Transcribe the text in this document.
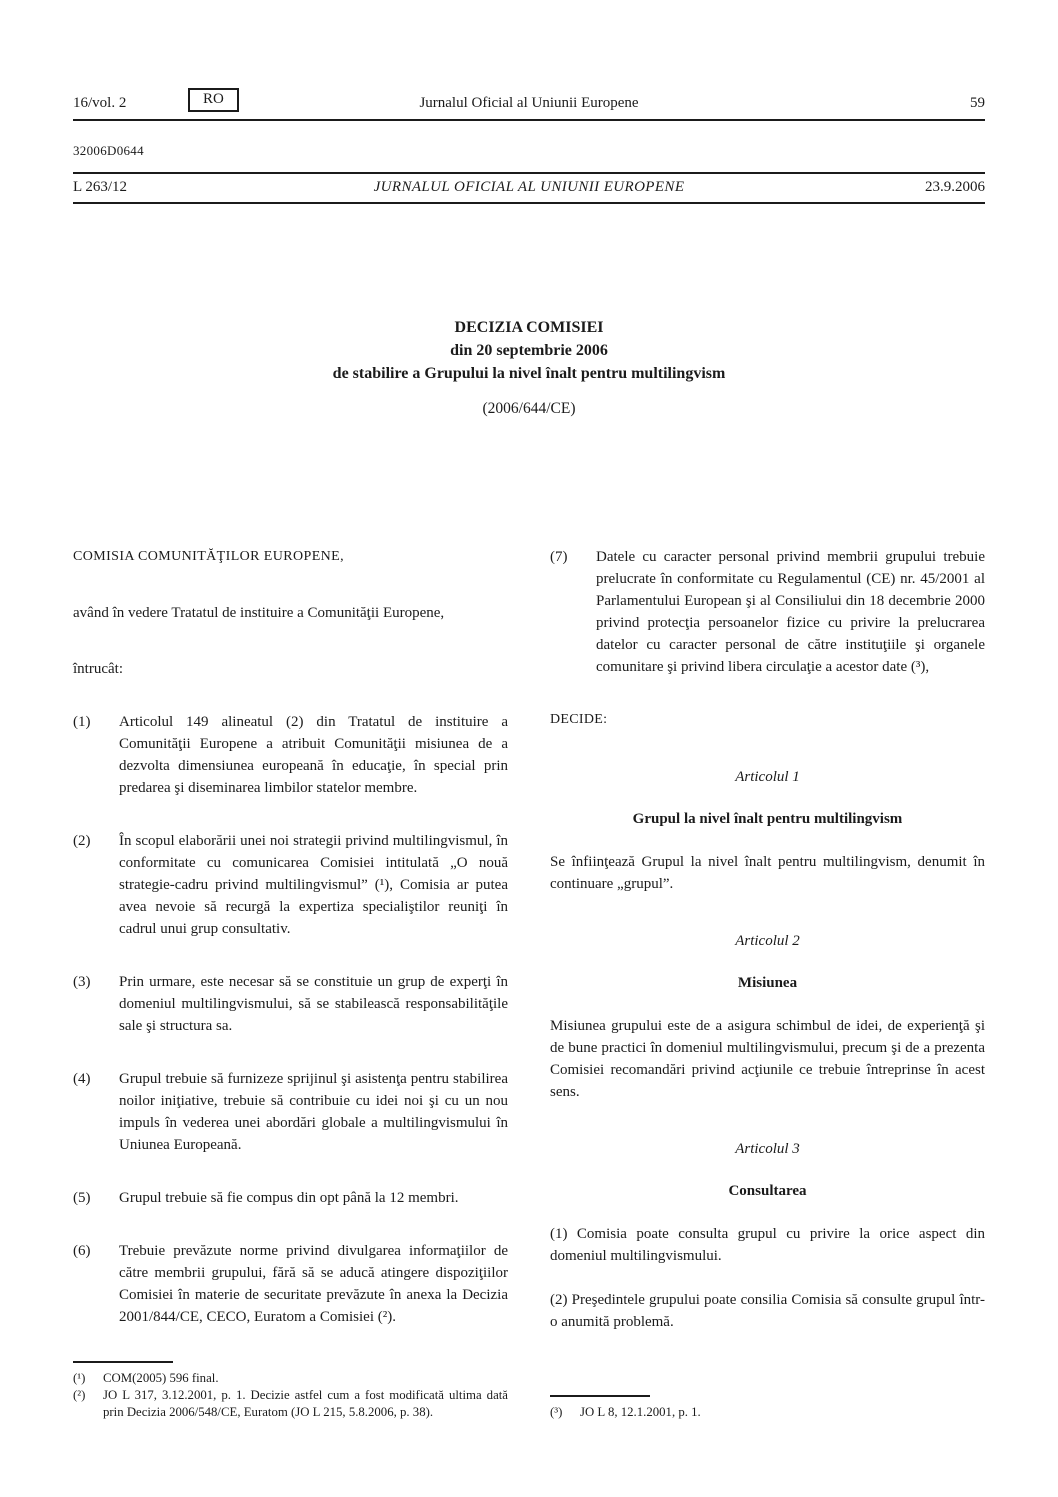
16/vol. 2	RO	Jurnalul Oficial al Uniunii Europene	59
32006D0644
L 263/12	JURNALUL OFICIAL AL UNIUNII EUROPENE	23.9.2006
DECIZIA COMISIEI
din 20 septembrie 2006
de stabilire a Grupului la nivel înalt pentru multilingvism
(2006/644/CE)
COMISIA COMUNITĂŢILOR EUROPENE,
având în vedere Tratatul de instituire a Comunităţii Europene,
întrucât:
(1)	Articolul 149 alineatul (2) din Tratatul de instituire a Comunităţii Europene a atribuit Comunităţii misiunea de a dezvolta dimensiunea europeană în educaţie, în special prin predarea şi diseminarea limbilor statelor membre.
(2)	În scopul elaborării unei noi strategii privind multilingvismul, în conformitate cu comunicarea Comisiei intitulată „O nouă strategie-cadru privind multilingvismul” (¹), Comisia ar putea avea nevoie să recurgă la expertiza specialiştilor reuniţi în cadrul unui grup consultativ.
(3)	Prin urmare, este necesar să se constituie un grup de experţi în domeniul multilingvismului, să se stabilească responsabilităţile sale şi structura sa.
(4)	Grupul trebuie să furnizeze sprijinul şi asistenţa pentru stabilirea noilor iniţiative, trebuie să contribuie cu idei noi şi cu un nou impuls în vederea unei abordări globale a multilingvismului în Uniunea Europeană.
(5)	Grupul trebuie să fie compus din opt până la 12 membri.
(6)	Trebuie prevăzute norme privind divulgarea informaţiilor de către membrii grupului, fără să se aducă atingere dispoziţiilor Comisiei în materie de securitate prevăzute în anexa la Decizia 2001/844/CE, CECO, Euratom a Comisiei (²).
(¹)	COM(2005) 596 final.
(²)	JO L 317, 3.12.2001, p. 1. Decizie astfel cum a fost modificată ultima dată prin Decizia 2006/548/CE, Euratom (JO L 215, 5.8.2006, p. 38).
(7)	Datele cu caracter personal privind membrii grupului trebuie prelucrate în conformitate cu Regulamentul (CE) nr. 45/2001 al Parlamentului European şi al Consiliului din 18 decembrie 2000 privind protecţia persoanelor fizice cu privire la prelucrarea datelor cu caracter personal de către instituţiile şi organele comunitare şi privind libera circulaţie a acestor date (³),
DECIDE:
Articolul 1
Grupul la nivel înalt pentru multilingvism
Se înfiinţează Grupul la nivel înalt pentru multilingvism, denumit în continuare „grupul”.
Articolul 2
Misiunea
Misiunea grupului este de a asigura schimbul de idei, de experienţă şi de bune practici în domeniul multilingvismului, precum şi de a prezenta Comisiei recomandări privind acţiunile ce trebuie întreprinse în acest sens.
Articolul 3
Consultarea
(1) Comisia poate consulta grupul cu privire la orice aspect din domeniul multilingvismului.
(2) Preşedintele grupului poate consilia Comisia să consulte grupul într-o anumită problemă.
(³)	JO L 8, 12.1.2001, p. 1.
